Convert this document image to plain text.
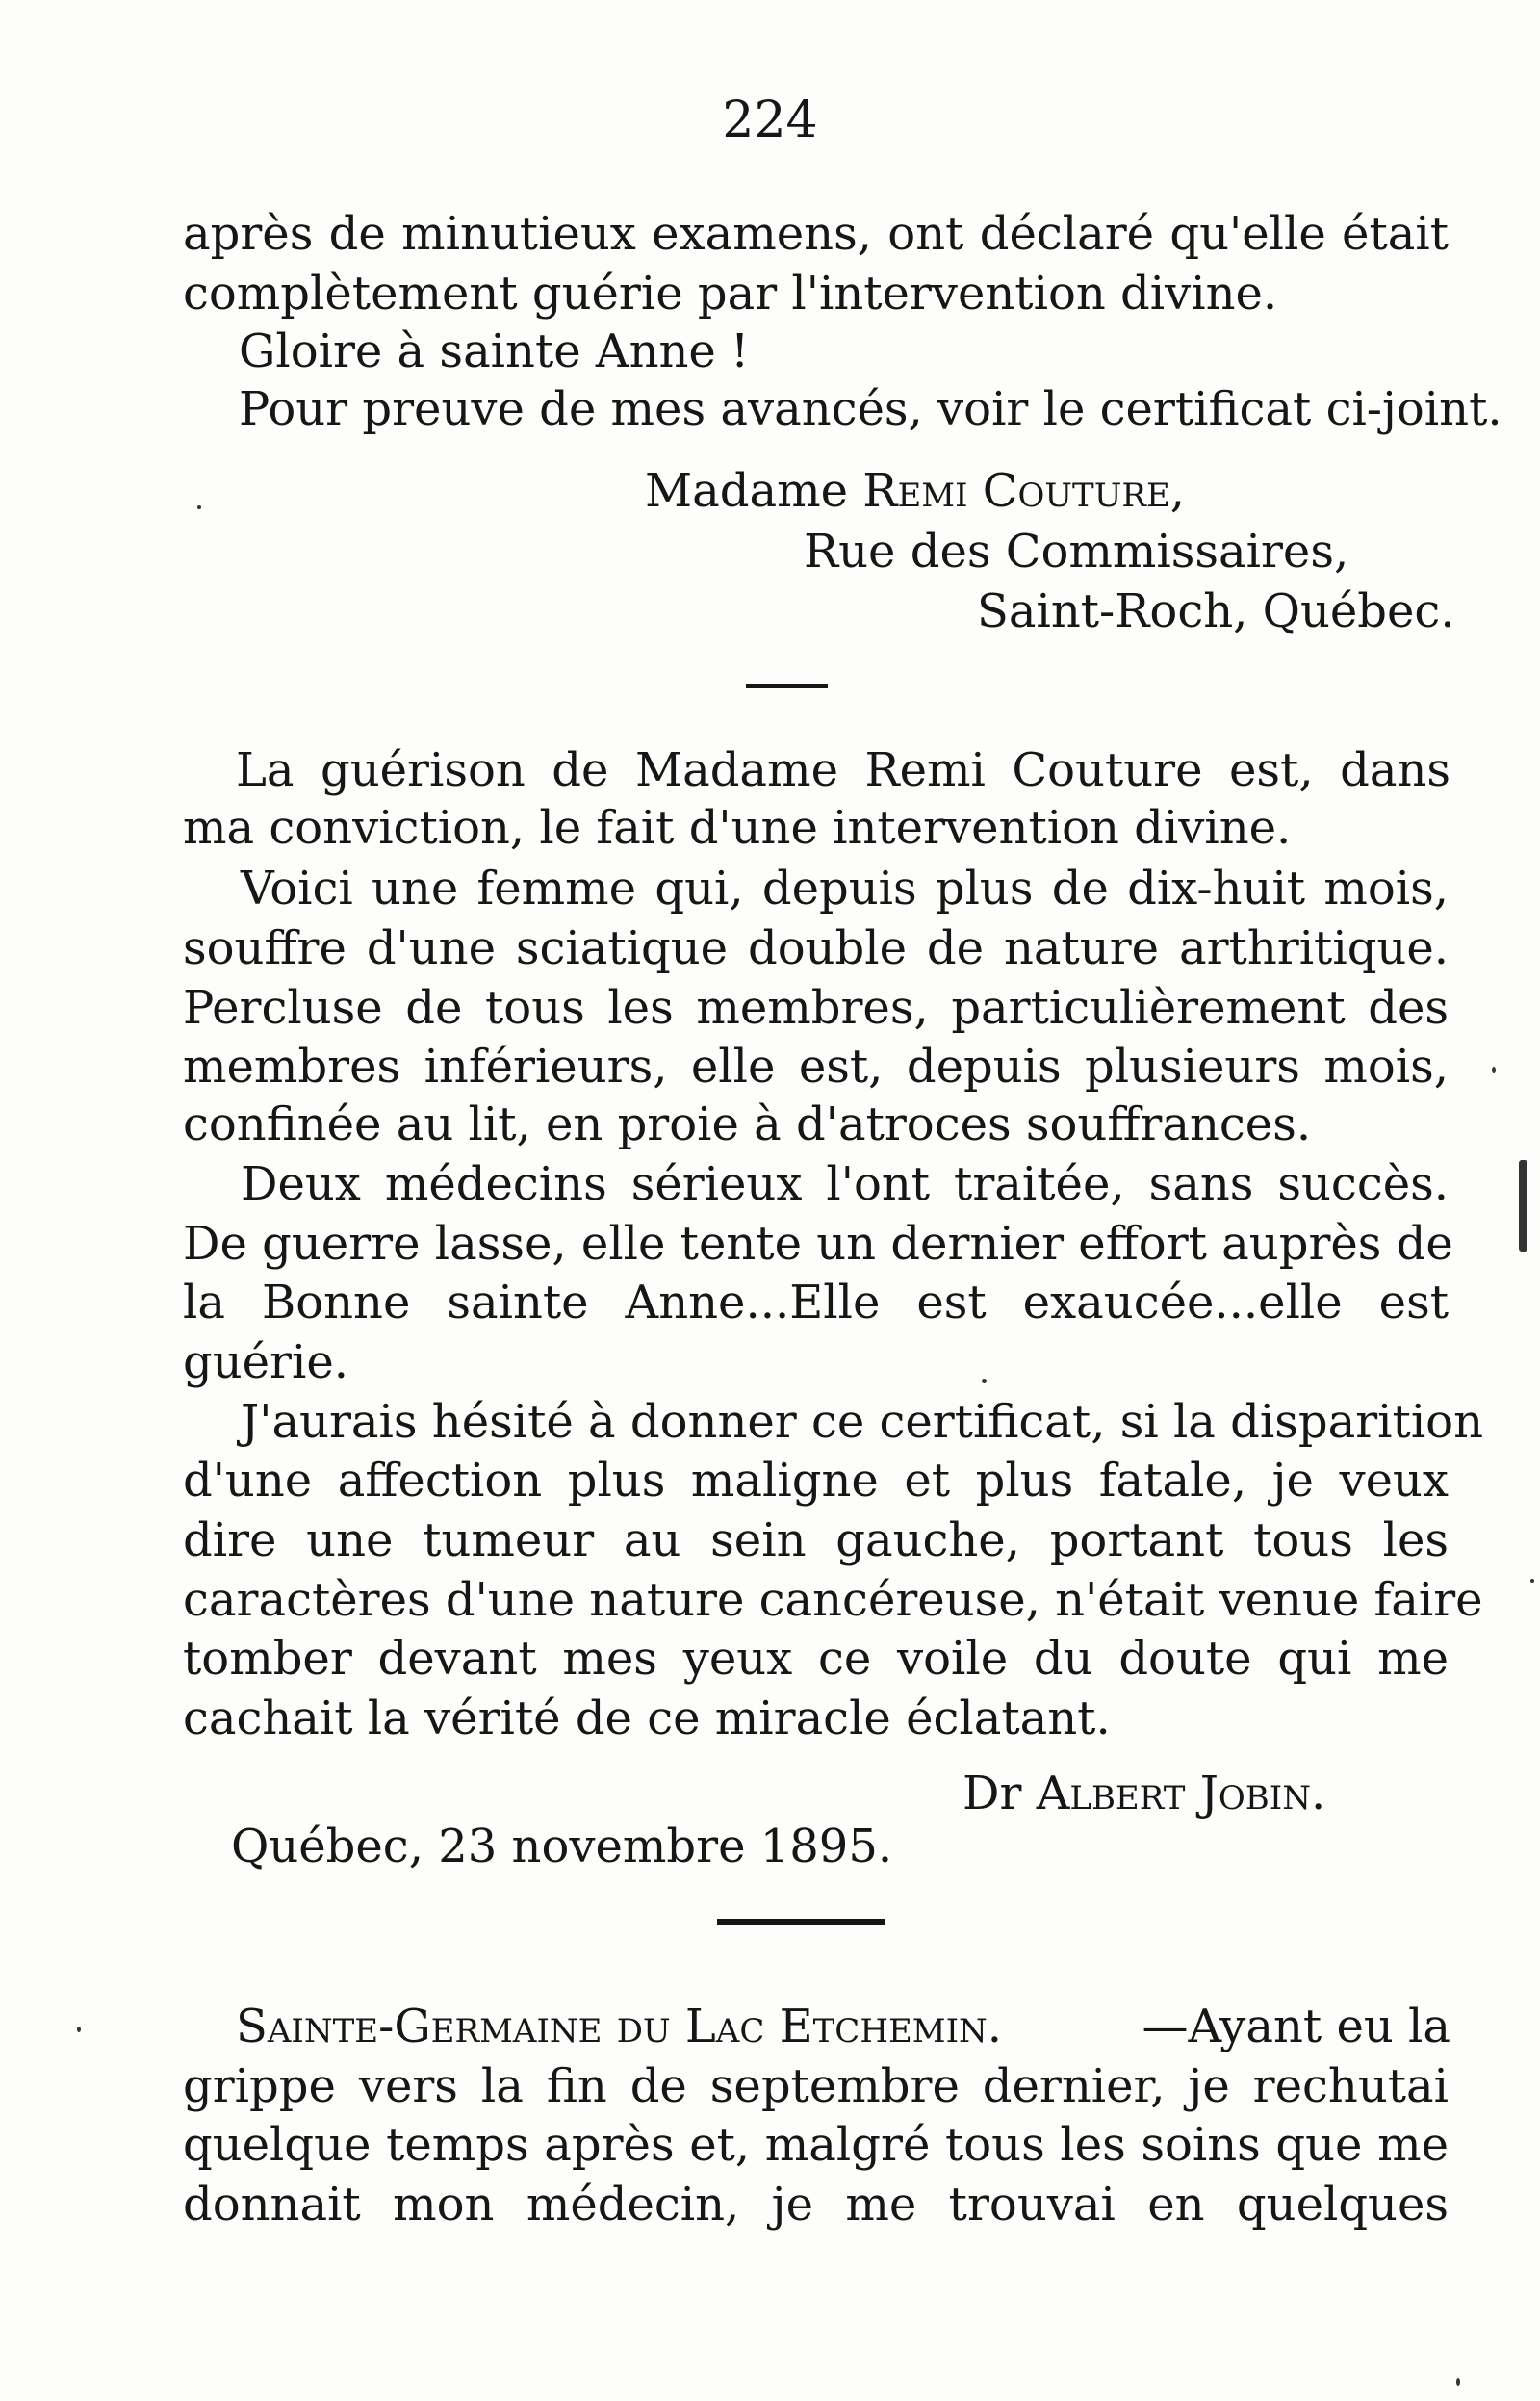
224
après de minutieux examens, ont déclaré qu'elle était
complètement guérie par l'intervention divine.
Gloire à sainte Anne !
Pour preuve de mes avancés, voir le certificat ci-joint.
Madame Remi Couture,
Rue des Commissaires,
Saint-Roch, Québec.
La guérison de Madame Remi Couture est, dans
ma conviction, le fait d'une intervention divine.
Voici une femme qui, depuis plus de dix-huit mois,
souffre d'une sciatique double de nature arthritique.
Percluse de tous les membres, particulièrement des
membres inférieurs, elle est, depuis plusieurs mois,
confinée au lit, en proie à d'atroces souffrances.
Deux médecins sérieux l'ont traitée, sans succès.
De guerre lasse, elle tente un dernier effort auprès de
la Bonne sainte Anne...Elle est exaucée...elle est
guérie.
J'aurais hésité à donner ce certificat, si la disparition
d'une affection plus maligne et plus fatale, je veux
dire une tumeur au sein gauche, portant tous les
caractères d'une nature cancéreuse, n'était venue faire
tomber devant mes yeux ce voile du doute qui me
cachait la vérité de ce miracle éclatant.
Dr Albert Jobin.
Québec, 23 novembre 1895.
Sainte-Germaine du Lac Etchemin.	—Ayant eu la
grippe vers la fin de septembre dernier, je rechutai
quelque temps après et, malgré tous les soins que me
donnait mon médecin, je me trouvai en quelques
